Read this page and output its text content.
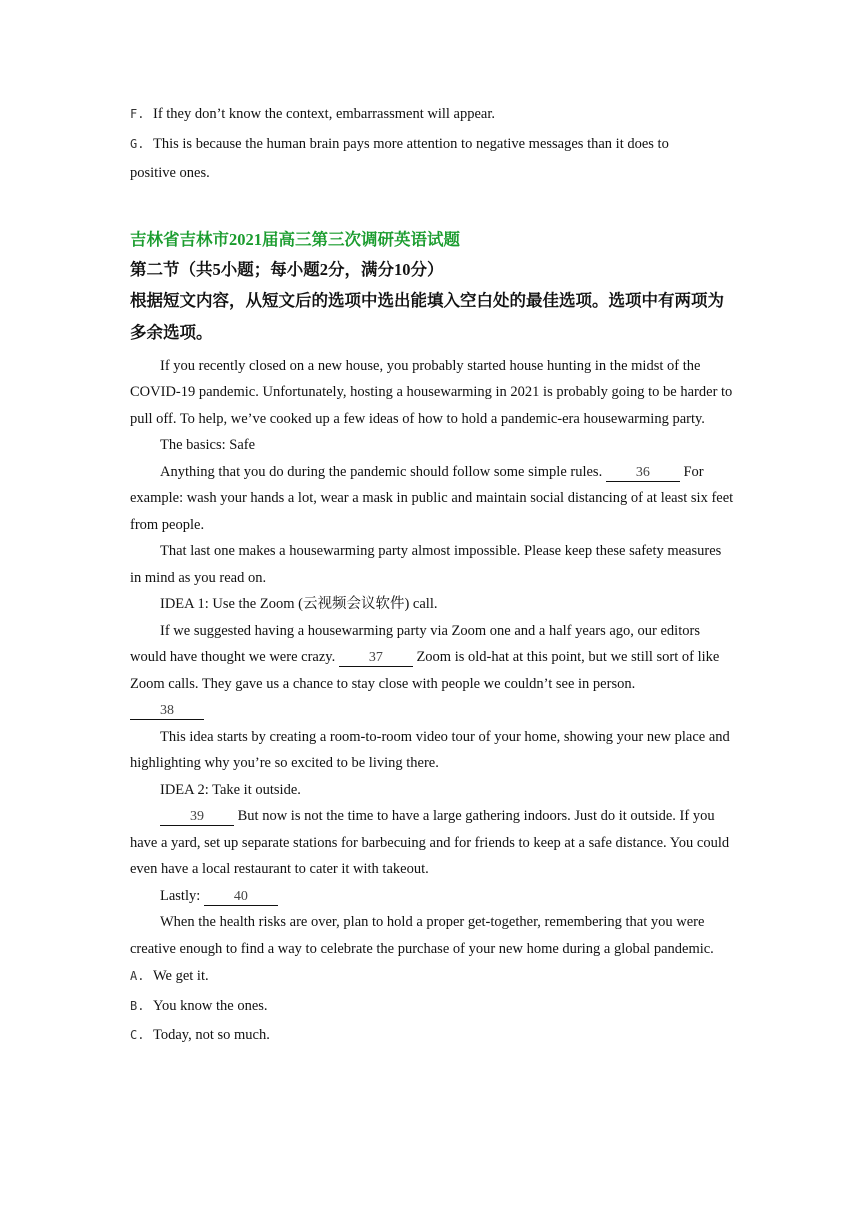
F. If they don’t know the context, embarrassment will appear.

G. This is because the human brain pays more attention to negative messages than it does to

positive ones.

吉林省吉林市2021届高三第三次调研英语试题

第二节（共5小题；每小题2分，满分10分）

根据短文内容，从短文后的选项中选出能填入空白处的最佳选项。选项中有两项为多余选项。

If you recently closed on a new house, you probably started house hunting in the midst of the COVID-19 pandemic. Unfortunately, hosting a housewarming in 2021 is probably going to be harder to pull off. To help, we’ve cooked up a few ideas of how to hold a pandemic-era housewarming party.

The basics: Safe

Anything that you do during the pandemic should follow some simple rules. 36 For example: wash your hands a lot, wear a mask in public and maintain social distancing of at least six feet from people.

That last one makes a housewarming party almost impossible. Please keep these safety measures in mind as you read on.

IDEA 1: Use the Zoom (云视频会议软件) call.

If we suggested having a housewarming party via Zoom one and a half years ago, our editors would have thought we were crazy. 37 Zoom is old-hat at this point, but we still sort of like Zoom calls. They gave us a chance to stay close with people we couldn’t see in person.
38

This idea starts by creating a room-to-room video tour of your home, showing your new place and highlighting why you’re so excited to be living there.

IDEA 2: Take it outside.

39 But now is not the time to have a large gathering indoors. Just do it outside. If you have a yard, set up separate stations for barbecuing and for friends to keep at a safe distance. You could even have a local restaurant to cater it with takeout.

Lastly: 40

When the health risks are over, plan to hold a proper get-together, remembering that you were creative enough to find a way to celebrate the purchase of your new home during a global pandemic.

A. We get it.

B. You know the ones.

C. Today, not so much.
